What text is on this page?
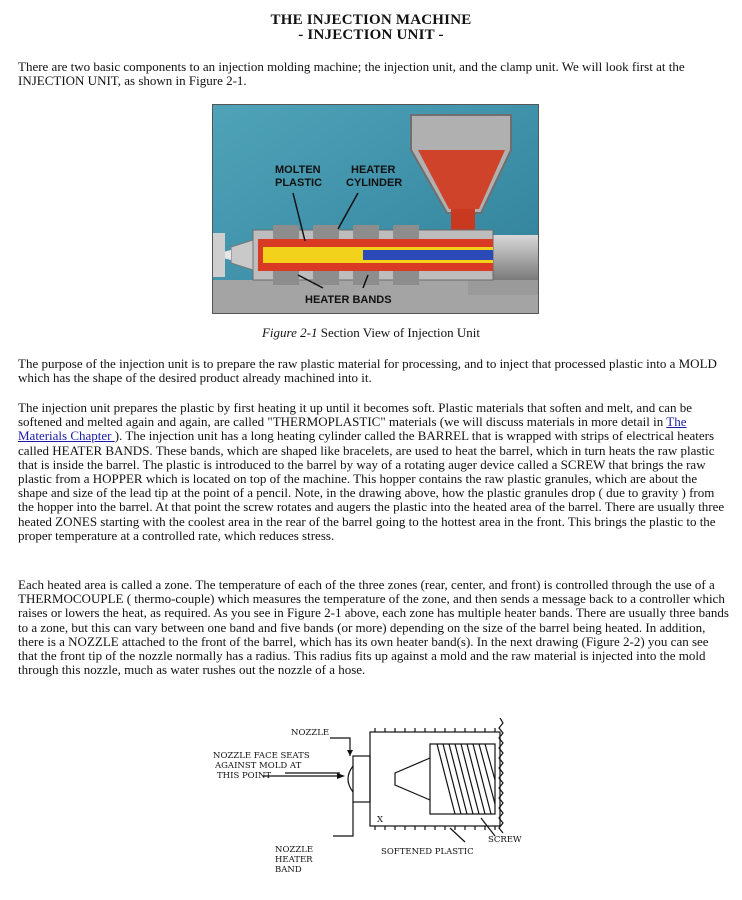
THE INJECTION MACHINE
- INJECTION UNIT -
There are two basic components to an injection molding machine; the injection unit, and the clamp unit. We will look first at the INJECTION UNIT, as shown in Figure 2-1.
MOLTEN
PLASTIC
HEATER
CYLINDER
HEATER BANDS
Figure 2-1 Section View of Injection Unit
The purpose of the injection unit is to prepare the raw plastic material for processing, and to inject that processed plastic into a MOLD which has the shape of the desired product already machined into it.
The injection unit prepares the plastic by first heating it up until it becomes soft. Plastic materials that soften and melt, and can be softened and melted again and again, are called "THERMOPLASTIC" materials (we will discuss materials in more detail in The Materials Chapter ). The injection unit has a long heating cylinder called the BARREL that is wrapped with strips of electrical heaters called HEATER BANDS. These bands, which are shaped like bracelets, are used to heat the barrel, which in turn heats the raw plastic that is inside the barrel. The plastic is introduced to the barrel by way of a rotating auger device called a SCREW that brings the raw plastic from a HOPPER which is located on top of the machine. This hopper contains the raw plastic granules, which are about the shape and size of the lead tip at the point of a pencil. Note, in the drawing above, how the plastic granules drop ( due to gravity ) from the hopper into the barrel. At that point the screw rotates and augers the plastic into the heated area of the barrel. There are usually three heated ZONES starting with the coolest area in the rear of the barrel going to the hottest area in the front. This brings the plastic to the proper temperature at a controlled rate, which reduces stress.
Each heated area is called a zone. The temperature of each of the three zones (rear, center, and front) is controlled through the use of a THERMOCOUPLE ( thermo-couple) which measures the temperature of the zone, and then sends a message back to a controller which raises or lowers the heat, as required. As you see in Figure 2-1 above, each zone has multiple heater bands. There are usually three bands to a zone, but this can vary between one band and five bands (or more) depending on the size of the barrel being heated. In addition, there is a NOZZLE attached to the front of the barrel, which has its own heater band(s). In the next drawing (Figure 2-2) you can see that the front tip of the nozzle normally has a radius. This radius fits up against a mold and the raw material is injected into the mold through this nozzle, much as water rushes out the nozzle of a hose.
NOZZLE
NOZZLE FACE SEATS
AGAINST MOLD AT
THIS POINT
NOZZLE
HEATER
BAND
SCREW
SOFTENED PLASTIC
X
